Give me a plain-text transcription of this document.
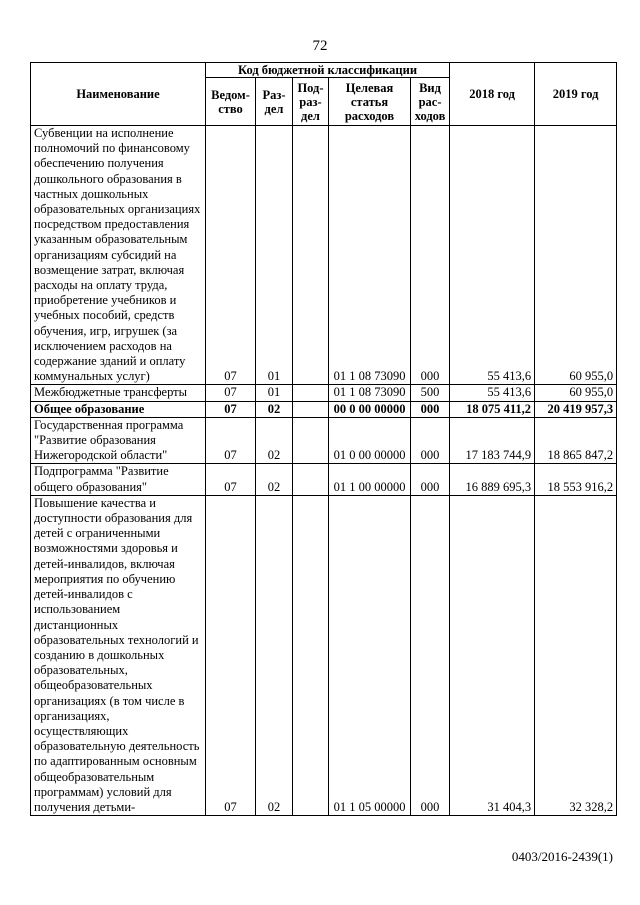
72
Наименование	Код бюджетной классификации					2018 год	2019 год
	Ведом-ство	Раз-дел	Под-раз-дел	Целевая статья расходов	Вид рас-ходов		
Субвенции на исполнение полномочий по финансовому обеспечению получения дошкольного образования в частных дошкольных образовательных организациях посредством предоставления указанным образовательным организациям субсидий на возмещение затрат, включая расходы на оплату труда, приобретение учебников и учебных пособий, средств обучения, игр, игрушек (за исключением расходов на содержание зданий и оплату коммунальных услуг)	07	01		01 1 08 73090	000	55 413,6	60 955,0
Межбюджетные трансферты	07	01		01 1 08 73090	500	55 413,6	60 955,0
Общее образование	07	02		00 0 00 00000	000	18 075 411,2	20 419 957,3
Государственная программа "Развитие образования Нижегородской области"	07	02		01 0 00 00000	000	17 183 744,9	18 865 847,2
Подпрограмма "Развитие общего образования"	07	02		01 1 00 00000	000	16 889 695,3	18 553 916,2
Повышение качества и доступности образования для детей с ограниченными возможностями здоровья и детей-инвалидов, включая мероприятия по обучению детей-инвалидов с использованием дистанционных образовательных технологий и созданию в дошкольных образовательных, общеобразовательных организациях (в том числе в организациях, осуществляющих образовательную деятельность по адаптированным основным общеобразовательным программам) условий для получения детьми-	07	02		01 1 05 00000	000	31 404,3	32 328,2
0403/2016-2439(1)
